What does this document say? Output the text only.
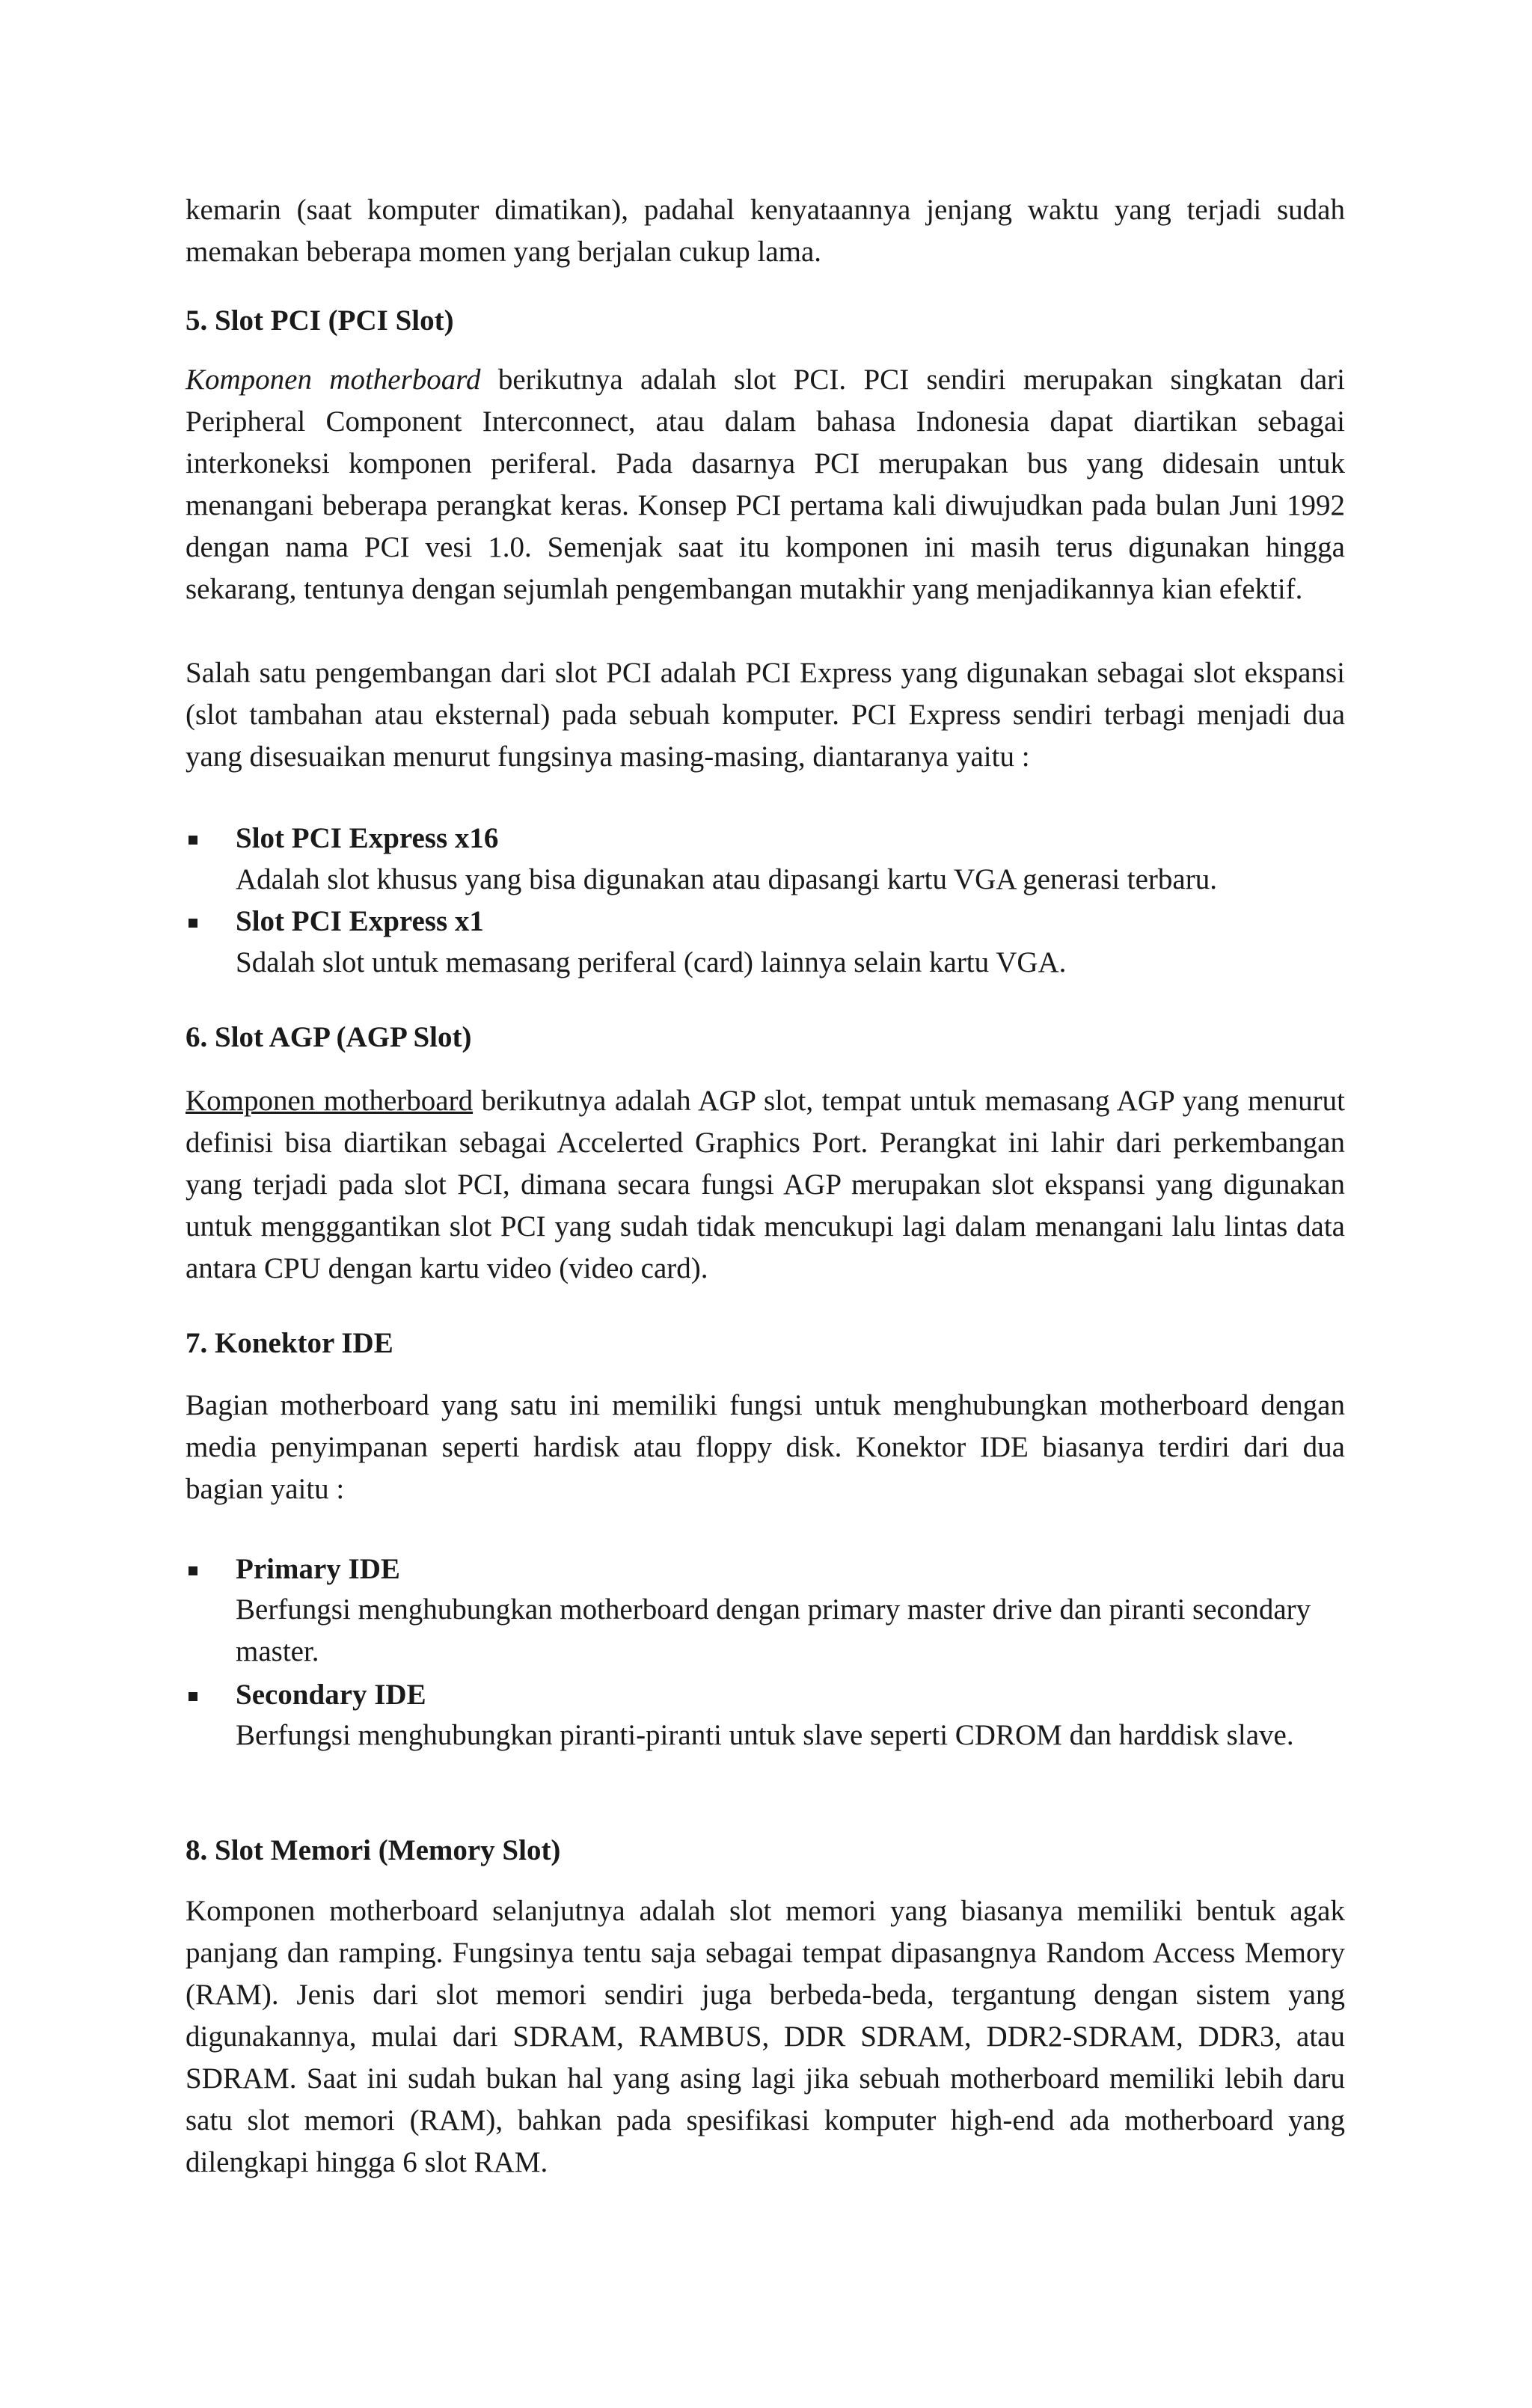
kemarin (saat komputer dimatikan), padahal kenyataannya jenjang waktu yang terjadi sudah memakan beberapa momen yang berjalan cukup lama.

5. Slot PCI (PCI Slot)

Komponen motherboard berikutnya adalah slot PCI. PCI sendiri merupakan singkatan dari Peripheral Component Interconnect, atau dalam bahasa Indonesia dapat diartikan sebagai interkoneksi komponen periferal. Pada dasarnya PCI merupakan bus yang didesain untuk menangani beberapa perangkat keras. Konsep PCI pertama kali diwujudkan pada bulan Juni 1992 dengan nama PCI vesi 1.0. Semenjak saat itu komponen ini masih terus digunakan hingga sekarang, tentunya dengan sejumlah pengembangan mutakhir yang menjadikannya kian efektif.

Salah satu pengembangan dari slot PCI adalah PCI Express yang digunakan sebagai slot ekspansi (slot tambahan atau eksternal) pada sebuah komputer. PCI Express sendiri terbagi menjadi dua yang disesuaikan menurut fungsinya masing-masing, diantaranya yaitu :

Slot PCI Express x16

Adalah slot khusus yang bisa digunakan atau dipasangi kartu VGA generasi terbaru.

Slot PCI Express x1

Sdalah slot untuk memasang periferal (card) lainnya selain kartu VGA.

6. Slot AGP (AGP Slot)

Komponen motherboard berikutnya adalah AGP slot, tempat untuk memasang AGP yang menurut definisi bisa diartikan sebagai Accelerted Graphics Port. Perangkat ini lahir dari perkembangan yang terjadi pada slot PCI, dimana secara fungsi AGP merupakan slot ekspansi yang digunakan untuk mengggantikan slot PCI yang sudah tidak mencukupi lagi dalam menangani lalu lintas data antara CPU dengan kartu video (video card).

7. Konektor IDE

Bagian motherboard yang satu ini memiliki fungsi untuk menghubungkan motherboard dengan media penyimpanan seperti hardisk atau floppy disk. Konektor IDE biasanya terdiri dari dua bagian yaitu :

Primary IDE

Berfungsi menghubungkan motherboard dengan primary master drive dan piranti secondary master.

Secondary IDE

Berfungsi menghubungkan piranti-piranti untuk slave seperti CDROM dan harddisk slave.

8. Slot Memori (Memory Slot)

Komponen motherboard selanjutnya adalah slot memori yang biasanya memiliki bentuk agak panjang dan ramping. Fungsinya tentu saja sebagai tempat dipasangnya Random Access Memory (RAM). Jenis dari slot memori sendiri juga berbeda-beda, tergantung dengan sistem yang digunakannya, mulai dari SDRAM, RAMBUS, DDR SDRAM, DDR2-SDRAM, DDR3, atau SDRAM. Saat ini sudah bukan hal yang asing lagi jika sebuah motherboard memiliki lebih daru satu slot memori (RAM), bahkan pada spesifikasi komputer high-end ada motherboard yang dilengkapi hingga 6 slot RAM.
